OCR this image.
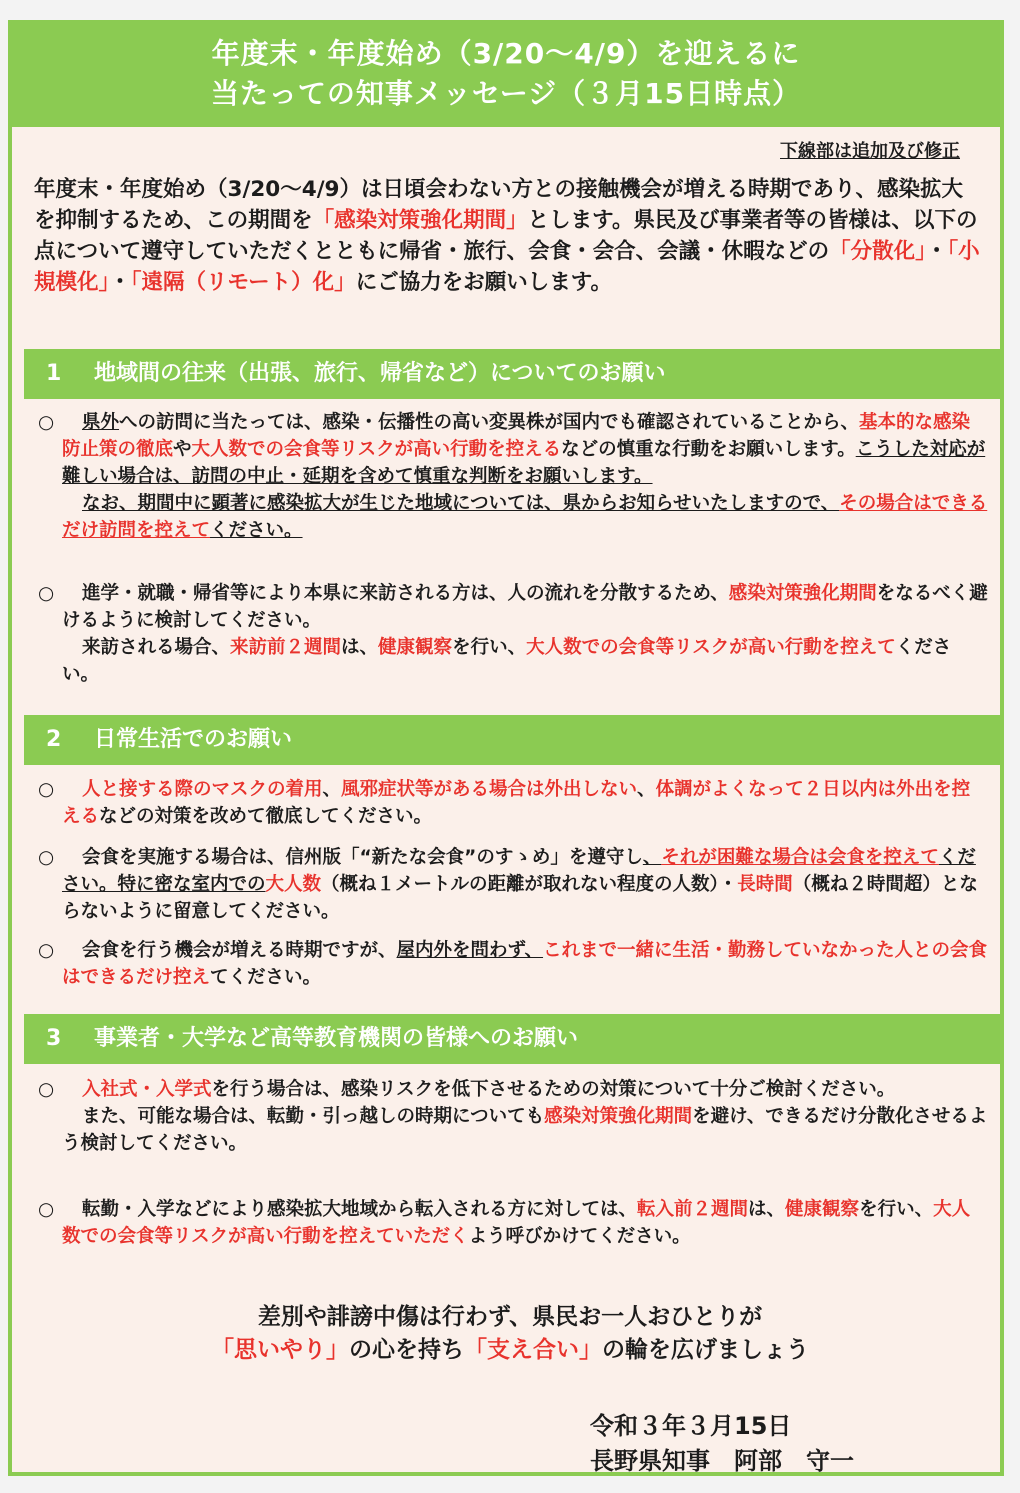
年度末・年度始め（3/20～4/9）を迎えるに
当たっての知事メッセージ（３月15日時点）
下線部は追加及び修正
年度末・年度始め（3/20～4/9）は日頃会わない方との接触機会が増える時期であり、感染拡大を抑制するため、この期間を「感染対策強化期間」とします。県民及び事業者等の皆様は、以下の点について遵守していただくとともに帰省・旅行、会食・会合、会議・休暇などの「分散化」・「小規模化」・「遠隔（リモート）化」にご協力をお願いします。
1 地域間の往来（出張、旅行、帰省など）についてのお願い
○	県外への訪問に当たっては、感染・伝播性の高い変異株が国内でも確認されていることから、基本的な感染防止策の徹底や大人数での会食等リスクが高い行動を控えるなどの慎重な行動をお願いします。こうした対応が難しい場合は、訪問の中止・延期を含めて慎重な判断をお願いします。

なお、期間中に顕著に感染拡大が生じた地域については、県からお知らせいたしますので、その場合はできるだけ訪問を控えてください。

○	進学・就職・帰省等により本県に来訪される方は、人の流れを分散するため、感染対策強化期間をなるべく避けるように検討してください。

来訪される場合、来訪前２週間は、健康観察を行い、大人数での会食等リスクが高い行動を控えてください。

2 日常生活でのお願い
○	人と接する際のマスクの着用、風邪症状等がある場合は外出しない、体調がよくなって２日以内は外出を控えるなどの対策を改めて徹底してください。

○	会食を実施する場合は、信州版「“新たな会食”のすゝめ」を遵守し、それが困難な場合は会食を控えてください。特に密な室内での大人数（概ね１メートルの距離が取れない程度の人数）・長時間（概ね２時間超）とならないように留意してください。

○	会食を行う機会が増える時期ですが、屋内外を問わず、これまで一緒に生活・勤務していなかった人との会食はできるだけ控えてください。

3 事業者・大学など高等教育機関の皆様へのお願い
○	入社式・入学式を行う場合は、感染リスクを低下させるための対策について十分ご検討ください。

また、可能な場合は、転勤・引っ越しの時期についても感染対策強化期間を避け、できるだけ分散化させるよう検討してください。

○	転勤・入学などにより感染拡大地域から転入される方に対しては、転入前２週間は、健康観察を行い、大人数での会食等リスクが高い行動を控えていただくよう呼びかけてください。

差別や誹謗中傷は行わず、県民お一人おひとりが
「思いやり」の心を持ち「支え合い」の輪を広げましょう
令和３年３月15日
長野県知事　阿部　守一
